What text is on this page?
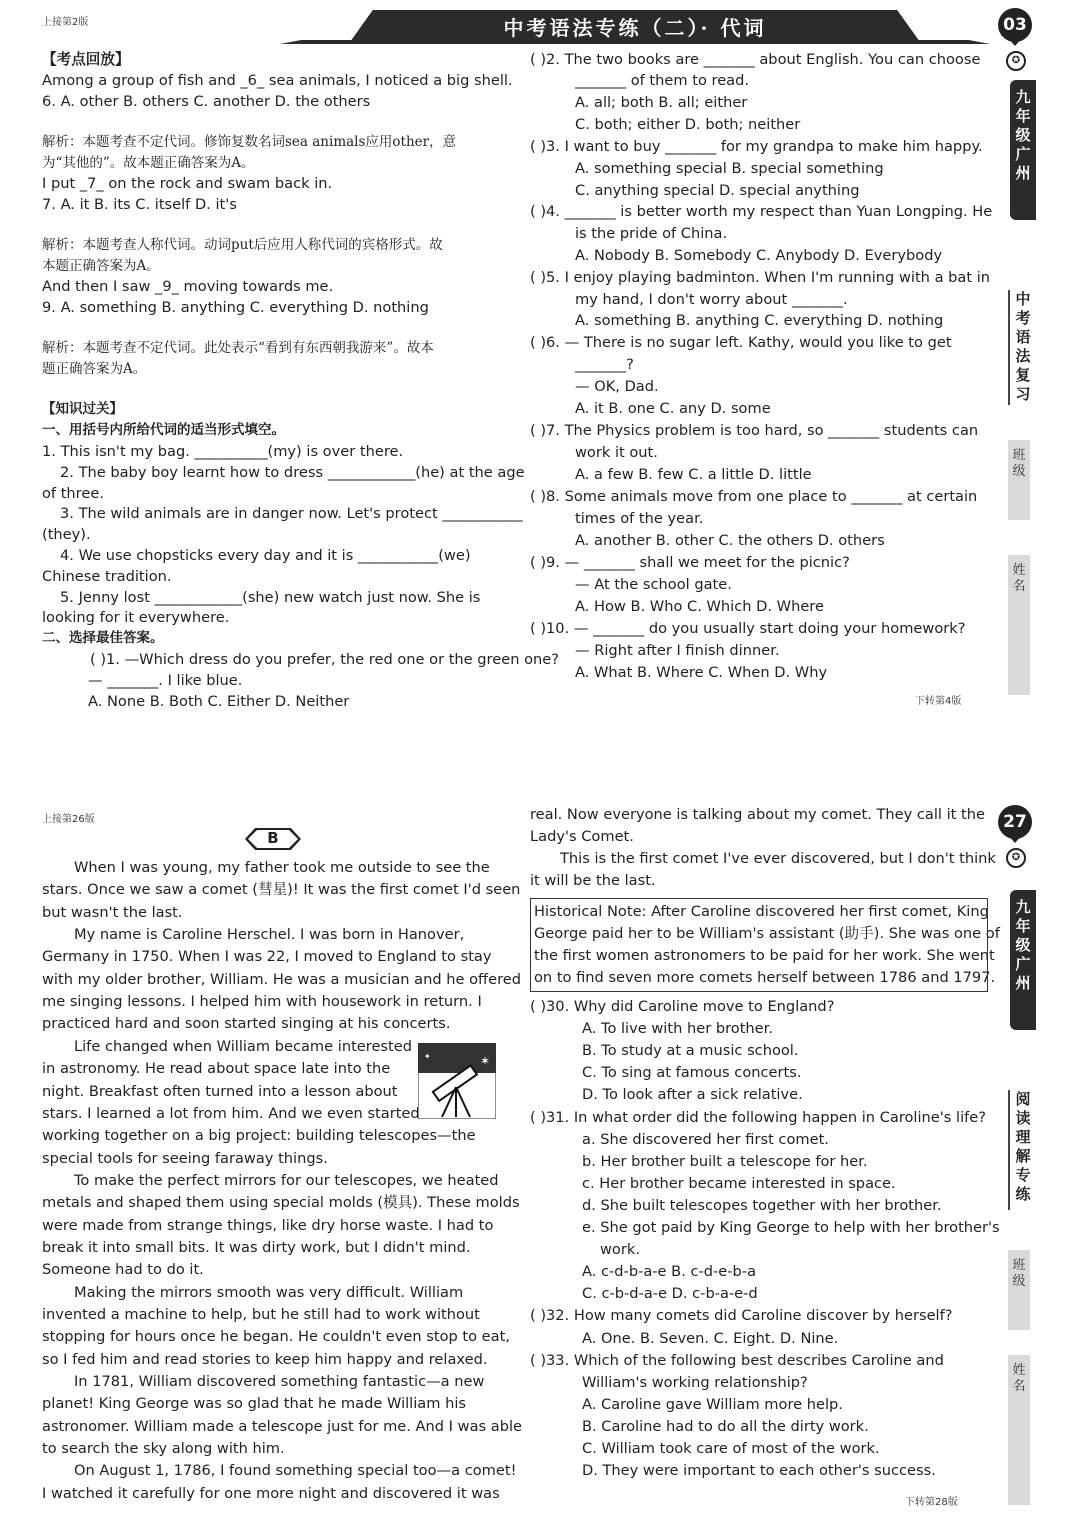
上接第2版	中考语法专练（二）· 代词	03
✪
九年级广州
中考语法复习
班级
姓名
下转第4版
【考点回放】
Among a group of fish and _6_ sea animals, I noticed a big shell.
6. A. other B. others C. another D. the others
解析：本题考查不定代词。修饰复数名词sea animals应用other，意
为“其他的”。故本题正确答案为A。
I put _7_ on the rock and swam back in.
7. A. it B. its C. itself D. it's
解析：本题考查人称代词。动词put后应用人称代词的宾格形式。故
本题正确答案为A。
And then I saw _9_ moving towards me.
9. A. something B. anything C. everything D. nothing
解析：本题考查不定代词。此处表示“看到有东西朝我游来”。故本
题正确答案为A。
【知识过关】
一、用括号内所给代词的适当形式填空。
1. This isn't my bag. __________(my) is over there.
2. The baby boy learnt how to dress ____________(he) at the age
of three.
3. The wild animals are in danger now. Let's protect ___________
(they).
4. We use chopsticks every day and it is ___________(we)
Chinese tradition.
5. Jenny lost ____________(she) new watch just now. She is
looking for it everywhere.
二、选择最佳答案。
( )1. —Which dress do you prefer, the red one or the green one?
— _______. I like blue.
A. None B. Both C. Either D. Neither
( )2. The two books are _______ about English. You can choose
_______ of them to read.
A. all; both B. all; either
C. both; either D. both; neither
( )3. I want to buy _______ for my grandpa to make him happy.
A. something special B. special something
C. anything special D. special anything
( )4. _______ is better worth my respect than Yuan Longping. He
is the pride of China.
A. Nobody B. Somebody C. Anybody D. Everybody
( )5. I enjoy playing badminton. When I'm running with a bat in
my hand, I don't worry about _______.
A. something B. anything C. everything D. nothing
( )6. — There is no sugar left. Kathy, would you like to get
_______?
— OK, Dad.
A. it B. one C. any D. some
( )7. The Physics problem is too hard, so _______ students can
work it out.
A. a few B. few C. a little D. little
( )8. Some animals move from one place to _______ at certain
times of the year.
A. another B. other C. the others D. others
( )9. — _______ shall we meet for the picnic?
— At the school gate.
A. How B. Who C. Which D. Where
( )10. — _______ do you usually start doing your homework?
— Right after I finish dinner.
A. What B. Where C. When D. Why
上接第26版
B
27
✪
九年级广州
阅读理解专练
班级
姓名
下转第28版
✶
✦
When I was young, my father took me outside to see the
stars. Once we saw a comet (彗星)! It was the first comet I'd seen
but wasn't the last.
My name is Caroline Herschel. I was born in Hanover,
Germany in 1750. When I was 22, I moved to England to stay
with my older brother, William. He was a musician and he offered
me singing lessons. I helped him with housework in return. I
practiced hard and soon started singing at his concerts.
Life changed when William became interested
in astronomy. He read about space late into the
night. Breakfast often turned into a lesson about
stars. I learned a lot from him. And we even started
working together on a big project: building telescopes—the
special tools for seeing faraway things.
To make the perfect mirrors for our telescopes, we heated
metals and shaped them using special molds (模具). These molds
were made from strange things, like dry horse waste. I had to
break it into small bits. It was dirty work, but I didn't mind.
Someone had to do it.
Making the mirrors smooth was very difficult. William
invented a machine to help, but he still had to work without
stopping for hours once he began. He couldn't even stop to eat,
so I fed him and read stories to keep him happy and relaxed.
In 1781, William discovered something fantastic—a new
planet! King George was so glad that he made William his
astronomer. William made a telescope just for me. And I was able
to search the sky along with him.
On August 1, 1786, I found something special too—a comet!
I watched it carefully for one more night and discovered it was
real. Now everyone is talking about my comet. They call it the
Lady's Comet.
This is the first comet I've ever discovered, but I don't think
it will be the last.
Historical Note: After Caroline discovered her first comet, King
George paid her to be William's assistant (助手). She was one of
the first women astronomers to be paid for her work. She went
on to find seven more comets herself between 1786 and 1797.
( )30. Why did Caroline move to England?
A. To live with her brother.
B. To study at a music school.
C. To sing at famous concerts.
D. To look after a sick relative.
( )31. In what order did the following happen in Caroline's life?
a. She discovered her first comet.
b. Her brother built a telescope for her.
c. Her brother became interested in space.
d. She built telescopes together with her brother.
e. She got paid by King George to help with her brother's
work.
A. c-d-b-a-e B. c-d-e-b-a
C. c-b-d-a-e D. c-b-a-e-d
( )32. How many comets did Caroline discover by herself?
A. One. B. Seven. C. Eight. D. Nine.
( )33. Which of the following best describes Caroline and
William's working relationship?
A. Caroline gave William more help.
B. Caroline had to do all the dirty work.
C. William took care of most of the work.
D. They were important to each other's success.
